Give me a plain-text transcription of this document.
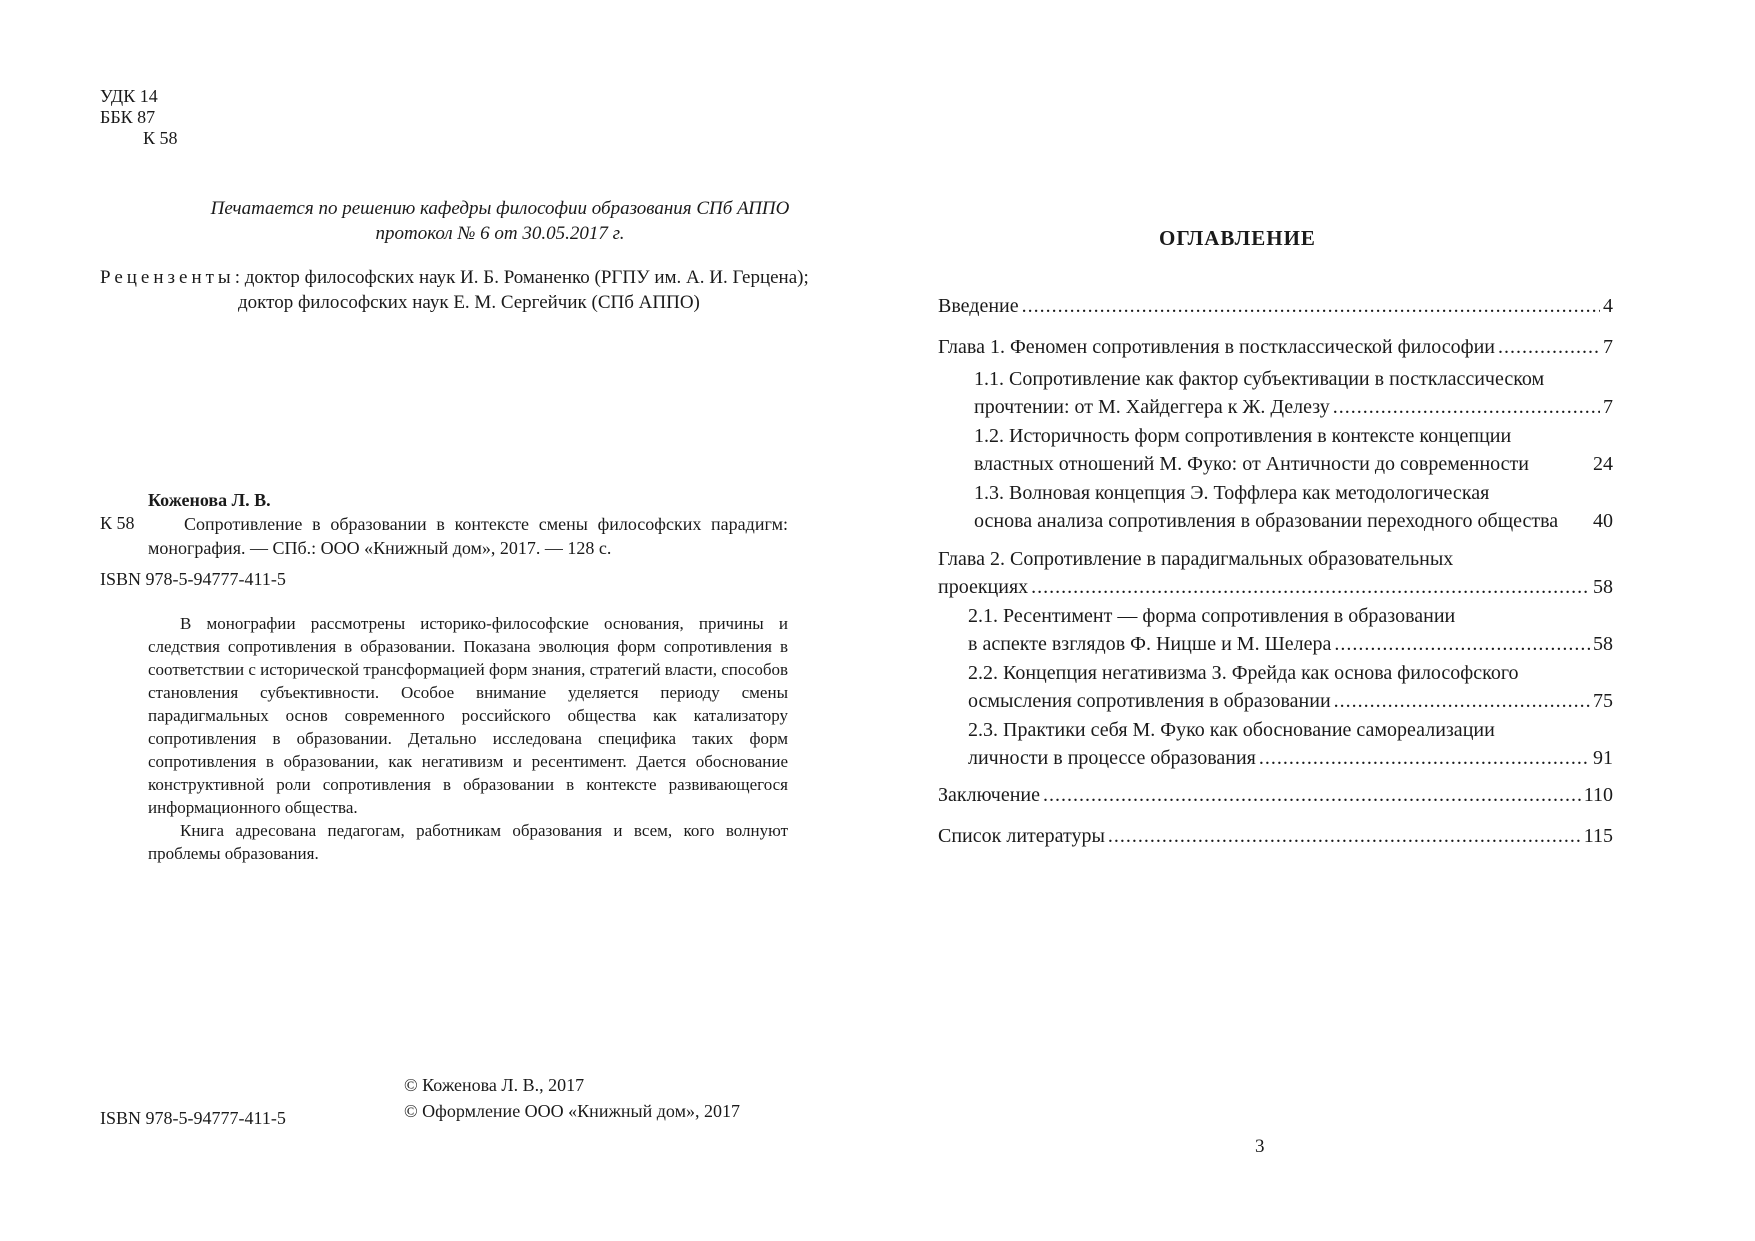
УДК 14
ББК 87
К 58
Печатается по решению кафедры философии образования СПб АППО
протокол № 6 от 30.05.2017 г.
Рецензенты: доктор философских наук И. Б. Романенко (РГПУ им. А. И. Герцена);
доктор философских наук Е. М. Сергейчик (СПб АППО)
Коженова Л. В.
К 58	Сопротивление в образовании в контексте смены философских парадигм: монография. — СПб.: ООО «Книжный дом», 2017. — 128 с.
ISBN 978-5-94777-411-5

В монографии рассмотрены историко-философские основания, причины и следствия сопротивления в образовании. Показана эволюция форм сопротивления в соответствии с исторической трансформацией форм знания, стратегий власти, способов становления субъективности. Особое внимание уделяется периоду смены парадигмальных основ современного российского общества как катализатору сопротивления в образовании. Детально исследована специфика таких форм сопротивления в образовании, как негативизм и ресентимент. Дается обоснование конструктивной роли сопротивления в образовании в контексте развивающегося информационного общества.

Книга адресована педагогам, работникам образования и всем, кого волнуют проблемы образования.

ISBN 978-5-94777-411-5
© Коженова Л. В., 2017
© Оформление ООО «Книжный дом», 2017
ОГЛАВЛЕНИЕ
Введение . . .	4
Глава 1. Феномен сопротивления в постклассической философии . . .	7
1.1. Сопротивление как фактор субъективации в постклассическом
прочтении: от М. Хайдеггера к Ж. Делезу . . .	7
1.2. Историчность форм сопротивления в контексте концепции
властных отношений М. Фуко: от Античности до современности	24
1.3. Волновая концепция Э. Тоффлера как методологическая
основа анализа сопротивления в образовании переходного общества 40
Глава 2. Сопротивление в парадигмальных образовательных
проекциях . . .	58
2.1. Ресентимент — форма сопротивления в образовании
в аспекте взглядов Ф. Ницше и М. Шелера . . .	58
2.2. Концепция негативизма З. Фрейда как основа философского
осмысления сопротивления в образовании . . .	75
2.3. Практики себя М. Фуко как обоснование самореализации
личности в процессе образования . . .	91
Заключение . . .	110
Список литературы . . .	115
3
